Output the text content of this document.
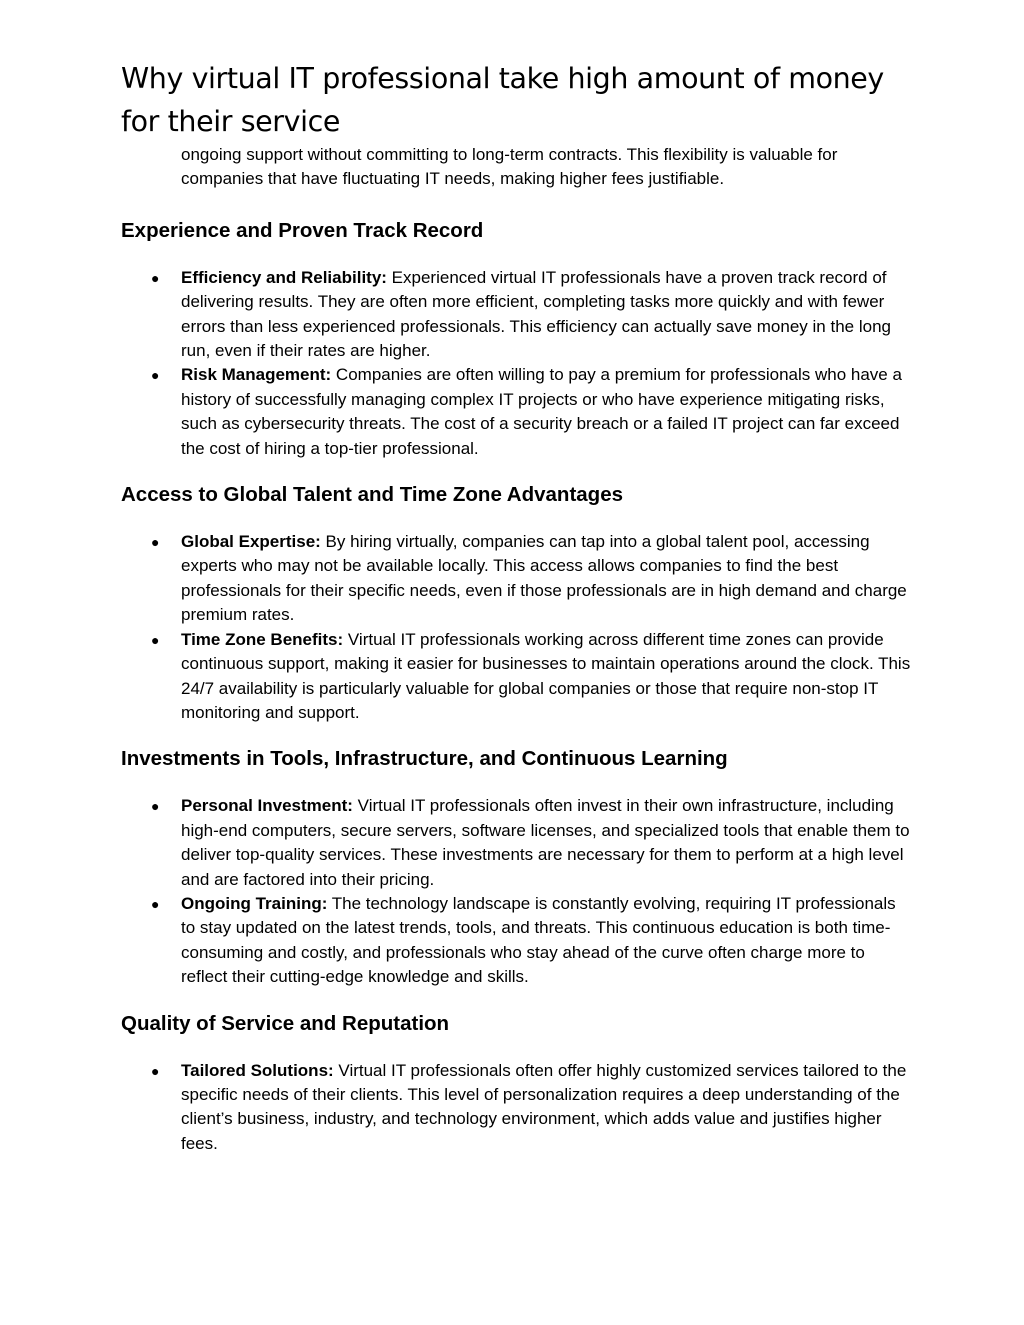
Why virtual IT professional take high amount of money for their service

ongoing support without committing to long-term contracts. This flexibility is valuable for companies that have fluctuating IT needs, making higher fees justifiable.

Experience and Proven Track Record
● Efficiency and Reliability: Experienced virtual IT professionals have a proven track record of delivering results. They are often more efficient, completing tasks more quickly and with fewer errors than less experienced professionals. This efficiency can actually save money in the long run, even if their rates are higher.
● Risk Management: Companies are often willing to pay a premium for professionals who have a history of successfully managing complex IT projects or who have experience mitigating risks, such as cybersecurity threats. The cost of a security breach or a failed IT project can far exceed the cost of hiring a top-tier professional.
Access to Global Talent and Time Zone Advantages
● Global Expertise: By hiring virtually, companies can tap into a global talent pool, accessing experts who may not be available locally. This access allows companies to find the best professionals for their specific needs, even if those professionals are in high demand and charge premium rates.
● Time Zone Benefits: Virtual IT professionals working across different time zones can provide continuous support, making it easier for businesses to maintain operations around the clock. This 24/7 availability is particularly valuable for global companies or those that require non-stop IT monitoring and support.
Investments in Tools, Infrastructure, and Continuous Learning
● Personal Investment: Virtual IT professionals often invest in their own infrastructure, including high-end computers, secure servers, software licenses, and specialized tools that enable them to deliver top-quality services. These investments are necessary for them to perform at a high level and are factored into their pricing.
● Ongoing Training: The technology landscape is constantly evolving, requiring IT professionals to stay updated on the latest trends, tools, and threats. This continuous education is both time-consuming and costly, and professionals who stay ahead of the curve often charge more to reflect their cutting-edge knowledge and skills.
Quality of Service and Reputation
● Tailored Solutions: Virtual IT professionals often offer highly customized services tailored to the specific needs of their clients. This level of personalization requires a deep understanding of the client’s business, industry, and technology environment, which adds value and justifies higher fees.
